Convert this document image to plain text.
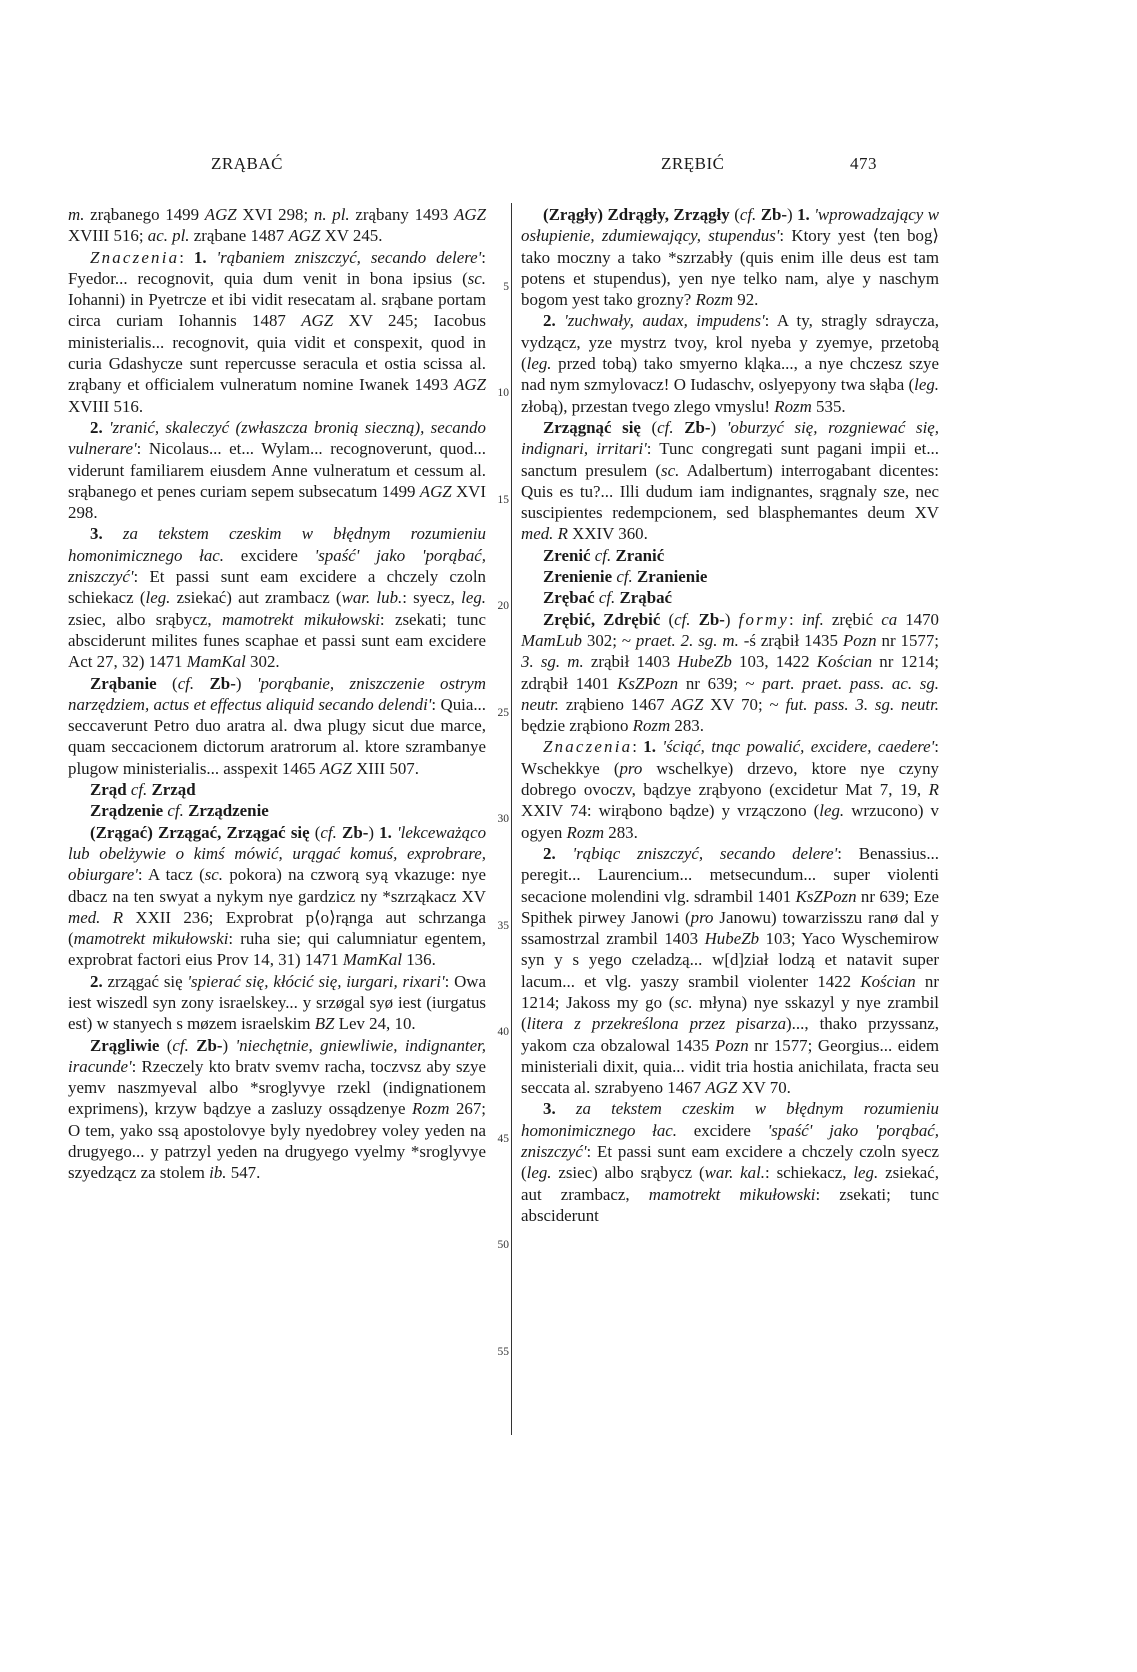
ZRĄBAĆ	ZRĘBIĆ	473

m. zrąbanego 1499 AGZ XVI 298; n. pl. zrąbany 1493 AGZ XVIII 516; ac. pl. zrąbane 1487 AGZ XV 245.

Znaczenia: 1. 'rąbaniem zniszczyć, secando delere': Fyedor... recognovit, quia dum venit in bona ipsius (sc. Iohanni) in Pyetrcze et ibi vidit resecatam al. srąbane portam circa curiam Iohannis 1487 AGZ XV 245; Iacobus ministerialis... recognovit, quia vidit et conspexit, quod in curia Gdashycze sunt repercusse seracula et ostia scissa al. zrąbany et officialem vulneratum nomine Iwanek 1493 AGZ XVIII 516.

2. 'zranić, skaleczyć (zwłaszcza bronią sieczną), secando vulnerare': Nicolaus... et... Wylam... recognoverunt, quod... viderunt familiarem eiusdem Anne vulneratum et cessum al. srąbanego et penes curiam sepem subsecatum 1499 AGZ XVI 298.

3. za tekstem czeskim w błędnym rozumieniu homonimicznego łac. excidere 'spaść' jako 'porąbać, zniszczyć': Et passi sunt eam excidere a chczely czoln schiekacz (leg. zsiekać) aut zrambacz (war. lub.: syecz, leg. zsiec, albo srąbycz, mamotrekt mikułowski: zsekati; tunc absciderunt milites funes scaphae et passi sunt eam excidere Act 27, 32) 1471 MamKal 302.

Zrąbanie (cf. Zb-) 'porąbanie, zniszczenie ostrym narzędziem, actus et effectus aliquid secando delendi': Quia... seccaverunt Petro duo aratra al. dwa plugy sicut due marce, quam seccacionem dictorum aratrorum al. ktore szrambanye plugow ministerialis... asspexit 1465 AGZ XIII 507.

Zrąd cf. Zrząd

Zrądzenie cf. Zrządzenie

(Zrągać) Zrzągać, Zrzągać się (cf. Zb-) 1. 'lekceważąco lub obelżywie o kimś mówić, urągać komuś, exprobrare, obiurgare': A tacz (sc. pokora) na czworą syą vkazuge: nye dbacz na ten swyat a nykym nye gardzicz ny *szrząkacz XV med. R XXII 236; Exprobrat p⟨o⟩rąnga aut schrzanga (mamotrekt mikułowski: ruha sie; qui calumniatur egentem, exprobrat factori eius Prov 14, 31) 1471 MamKal 136.

2. zrzągać się 'spierać się, kłócić się, iurgari, rixari': Owa iest wiszedl syn zony israelskey... y srzøgal syø iest (iurgatus est) w stanyech s møzem israelskim BZ Lev 24, 10.

Zrągliwie (cf. Zb-) 'niechętnie, gniewliwie, indignanter, iracunde': Rzeczely kto bratv svemv racha, toczvsz aby szye yemv naszmyeval albo *sroglyvye rzekl (indignationem exprimens), krzyw bądzye a zasluzy ossądzenye Rozm 267; O tem, yako ssą apostolovye byly nyedobrey voley yeden na drugyego... y patrzyl yeden na drugyego vyelmy *sroglyvye szyedzącz za stolem ib. 547.

5
10
15
20
25
30
35
40
45
50
55

(Zrągły) Zdrągły, Zrzągły (cf. Zb-) 1. 'wprowadzający w osłupienie, zdumiewający, stupendus': Ktory yest ⟨ten bog⟩ tako moczny a tako *szrzabły (quis enim ille deus est tam potens et stupendus), yen nye telko nam, alye y naschym bogom yest tako grozny? Rozm 92.

2. 'zuchwały, audax, impudens': A ty, stragly sdraycza, vydząсz, yze mystrz tvoy, krol nyeba y zyemye, przetobą (leg. przed tobą) tako smyerno kląka..., a nye chczesz szye nad nym szmylovacz! O Iudaschv, oslyepyony twa słąba (leg. złobą), przestan tvego zlego vmyslu! Rozm 535.

Zrzągnąć się (cf. Zb-) 'oburzyć się, rozgniewać się, indignari, irritari': Tunc congregati sunt pagani impii et... sanctum presulem (sc. Adalbertum) interrogabant dicentes: Quis es tu?... Illi dudum iam indignantes, srągnaly sze, nec suscipientes redempcionem, sed blasphemantes deum XV med. R XXIV 360.

Zrenić cf. Zranić

Zrenienie cf. Zranienie

Zrębać cf. Zrąbać

Zrębić, Zdrębić (cf. Zb-) formy: inf. zrębić ca 1470 MamLub 302; ~ praet. 2. sg. m. -ś zrąbił 1435 Pozn nr 1577; 3. sg. m. zrąbił 1403 HubeZb 103, 1422 Kościan nr 1214; zdrąbił 1401 KsZPozn nr 639; ~ part. praet. pass. ac. sg. neutr. zrąbieno 1467 AGZ XV 70; ~ fut. pass. 3. sg. neutr. będzie zrąbiono Rozm 283.

Znaczenia: 1. 'ściąć, tnąc powalić, excidere, caedere': Wschekkye (pro wschelkye) drzevo, ktore nye czyny dobrego ovoczv, bądzye zrąbyono (excidetur Mat 7, 19, R XXIV 74: wirąbono bądze) y vrząсzono (leg. wrzucono) v ogyen Rozm 283.

2. 'rąbiąc zniszczyć, secando delere': Benassius... peregit... Laurencium... metsecundum... super violenti secacione molendini vlg. sdrambil 1401 KsZPozn nr 639; Eze Spithek pirwey Janowi (pro Janowu) towarzisszu ranø dal y ssamostrzal zrambil 1403 HubeZb 103; Yaco Wyschemirow syn y s yego czeladzą... w[d]ział lodzą et natavit super lacum... et vlg. yaszy srambil violenter 1422 Kościan nr 1214; Jakoss my go (sc. młyna) nye sskazyl y nye zrambil (litera z przekreślona przez pisarza)..., thako przyssanz, yakom cza obzalowal 1435 Pozn nr 1577; Georgius... eidem ministeriali dixit, quia... vidit tria hostia anichilata, fracta seu seccata al. szrabyeno 1467 AGZ XV 70.

3. za tekstem czeskim w błędnym rozumieniu homonimicznego łac. excidere 'spaść' jako 'porąbać, zniszczyć': Et passi sunt eam excidere a chczely czoln syecz (leg. zsiec) albo srąbycz (war. kal.: schiekacz, leg. zsiekać, aut zrambacz, mamotrekt mikułowski: zsekati; tunc absciderunt
